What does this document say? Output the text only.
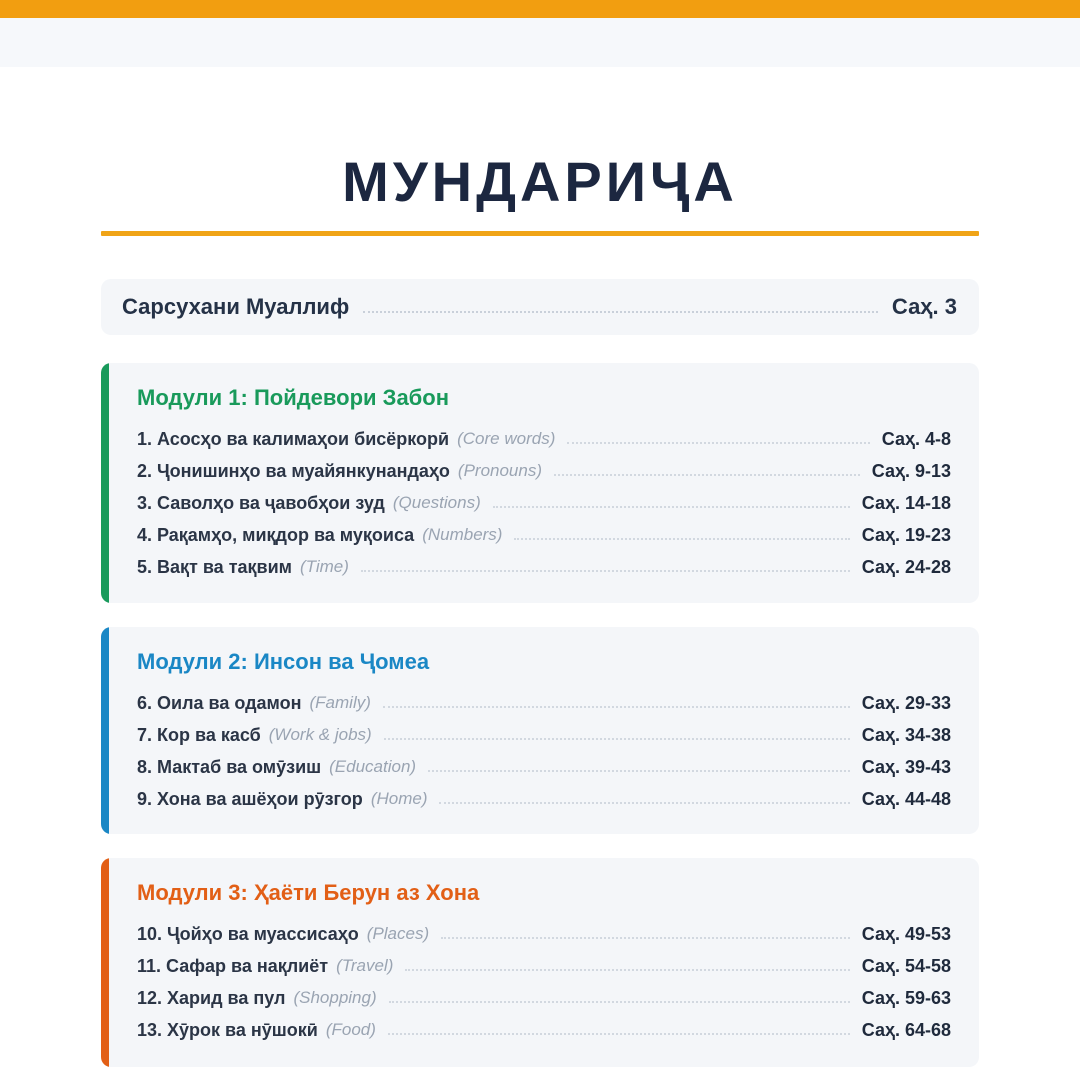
МУНДАРИҶА
Сарсухани Муаллиф	Саҳ. 3
Модули 1: Пойдевори Забон
1. Асосҳо ва калимаҳои бисёркорӣ (Core words)	Саҳ. 4-8
2. Ҷонишинҳо ва муайянкунандаҳо (Pronouns)	Саҳ. 9-13
3. Саволҳо ва ҷавобҳои зуд (Questions)	Саҳ. 14-18
4. Рақамҳо, миқдор ва муқоиса (Numbers)	Саҳ. 19-23
5. Вақт ва тақвим (Time)	Саҳ. 24-28
Модули 2: Инсон ва Ҷомеа
6. Оила ва одамон (Family)	Саҳ. 29-33
7. Кор ва касб (Work & jobs)	Саҳ. 34-38
8. Мактаб ва омӯзиш (Education)	Саҳ. 39-43
9. Хона ва ашёҳои рӯзгор (Home)	Саҳ. 44-48
Модули 3: Ҳаёти Берун аз Хона
10. Ҷойҳо ва муассисаҳо (Places)	Саҳ. 49-53
11. Сафар ва нақлиёт (Travel)	Саҳ. 54-58
12. Харид ва пул (Shopping)	Саҳ. 59-63
13. Хӯрок ва нӯшокӣ (Food)	Саҳ. 64-68
